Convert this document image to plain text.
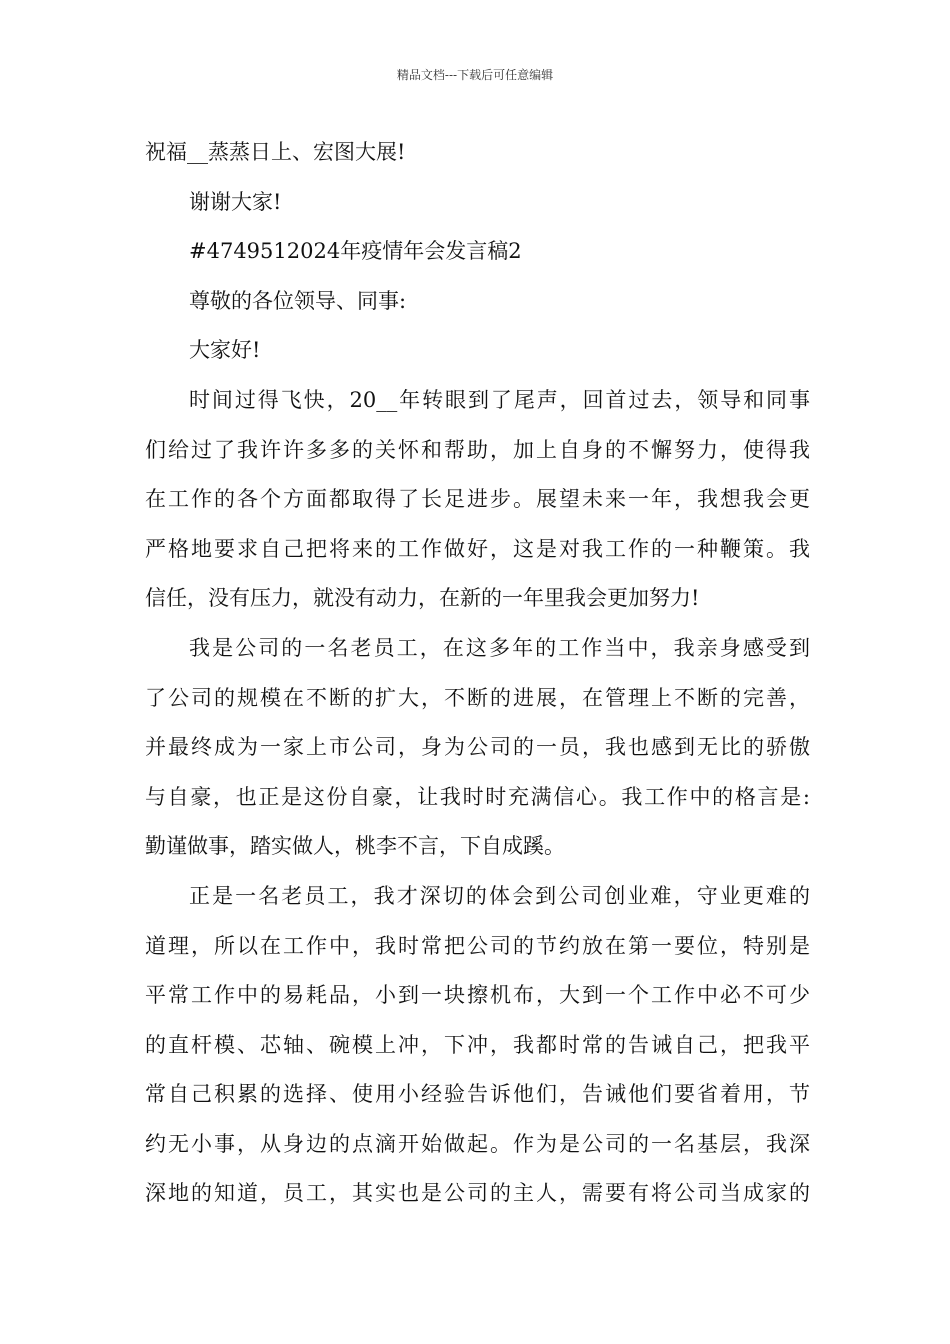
精品文档---下载后可任意编辑
祝福__蒸蒸日上、宏图大展!
谢谢大家!
#4749512024年疫情年会发言稿2
尊敬的各位领导、同事:
大家好!
时间过得飞快，20__年转眼到了尾声，回首过去，领导和同事
们给过了我许许多多的关怀和帮助，加上自身的不懈努力，使得我
在工作的各个方面都取得了长足进步。展望未来一年，我想我会更
严格地要求自己把将来的工作做好，这是对我工作的一种鞭策。我
信任，没有压力，就没有动力，在新的一年里我会更加努力!
我是公司的一名老员工，在这多年的工作当中，我亲身感受到
了公司的规模在不断的扩大，不断的进展，在管理上不断的完善，
并最终成为一家上市公司，身为公司的一员，我也感到无比的骄傲
与自豪，也正是这份自豪，让我时时充满信心。我工作中的格言是:
勤谨做事，踏实做人，桃李不言，下自成蹊。
正是一名老员工，我才深切的体会到公司创业难，守业更难的
道理，所以在工作中，我时常把公司的节约放在第一要位，特别是
平常工作中的易耗品，小到一块擦机布，大到一个工作中必不可少
的直杆模、芯轴、碗模上冲，下冲，我都时常的告诫自己，把我平
常自己积累的选择、使用小经验告诉他们，告诫他们要省着用，节
约无小事，从身边的点滴开始做起。作为是公司的一名基层，我深
深地的知道，员工，其实也是公司的主人，需要有将公司当成家的
